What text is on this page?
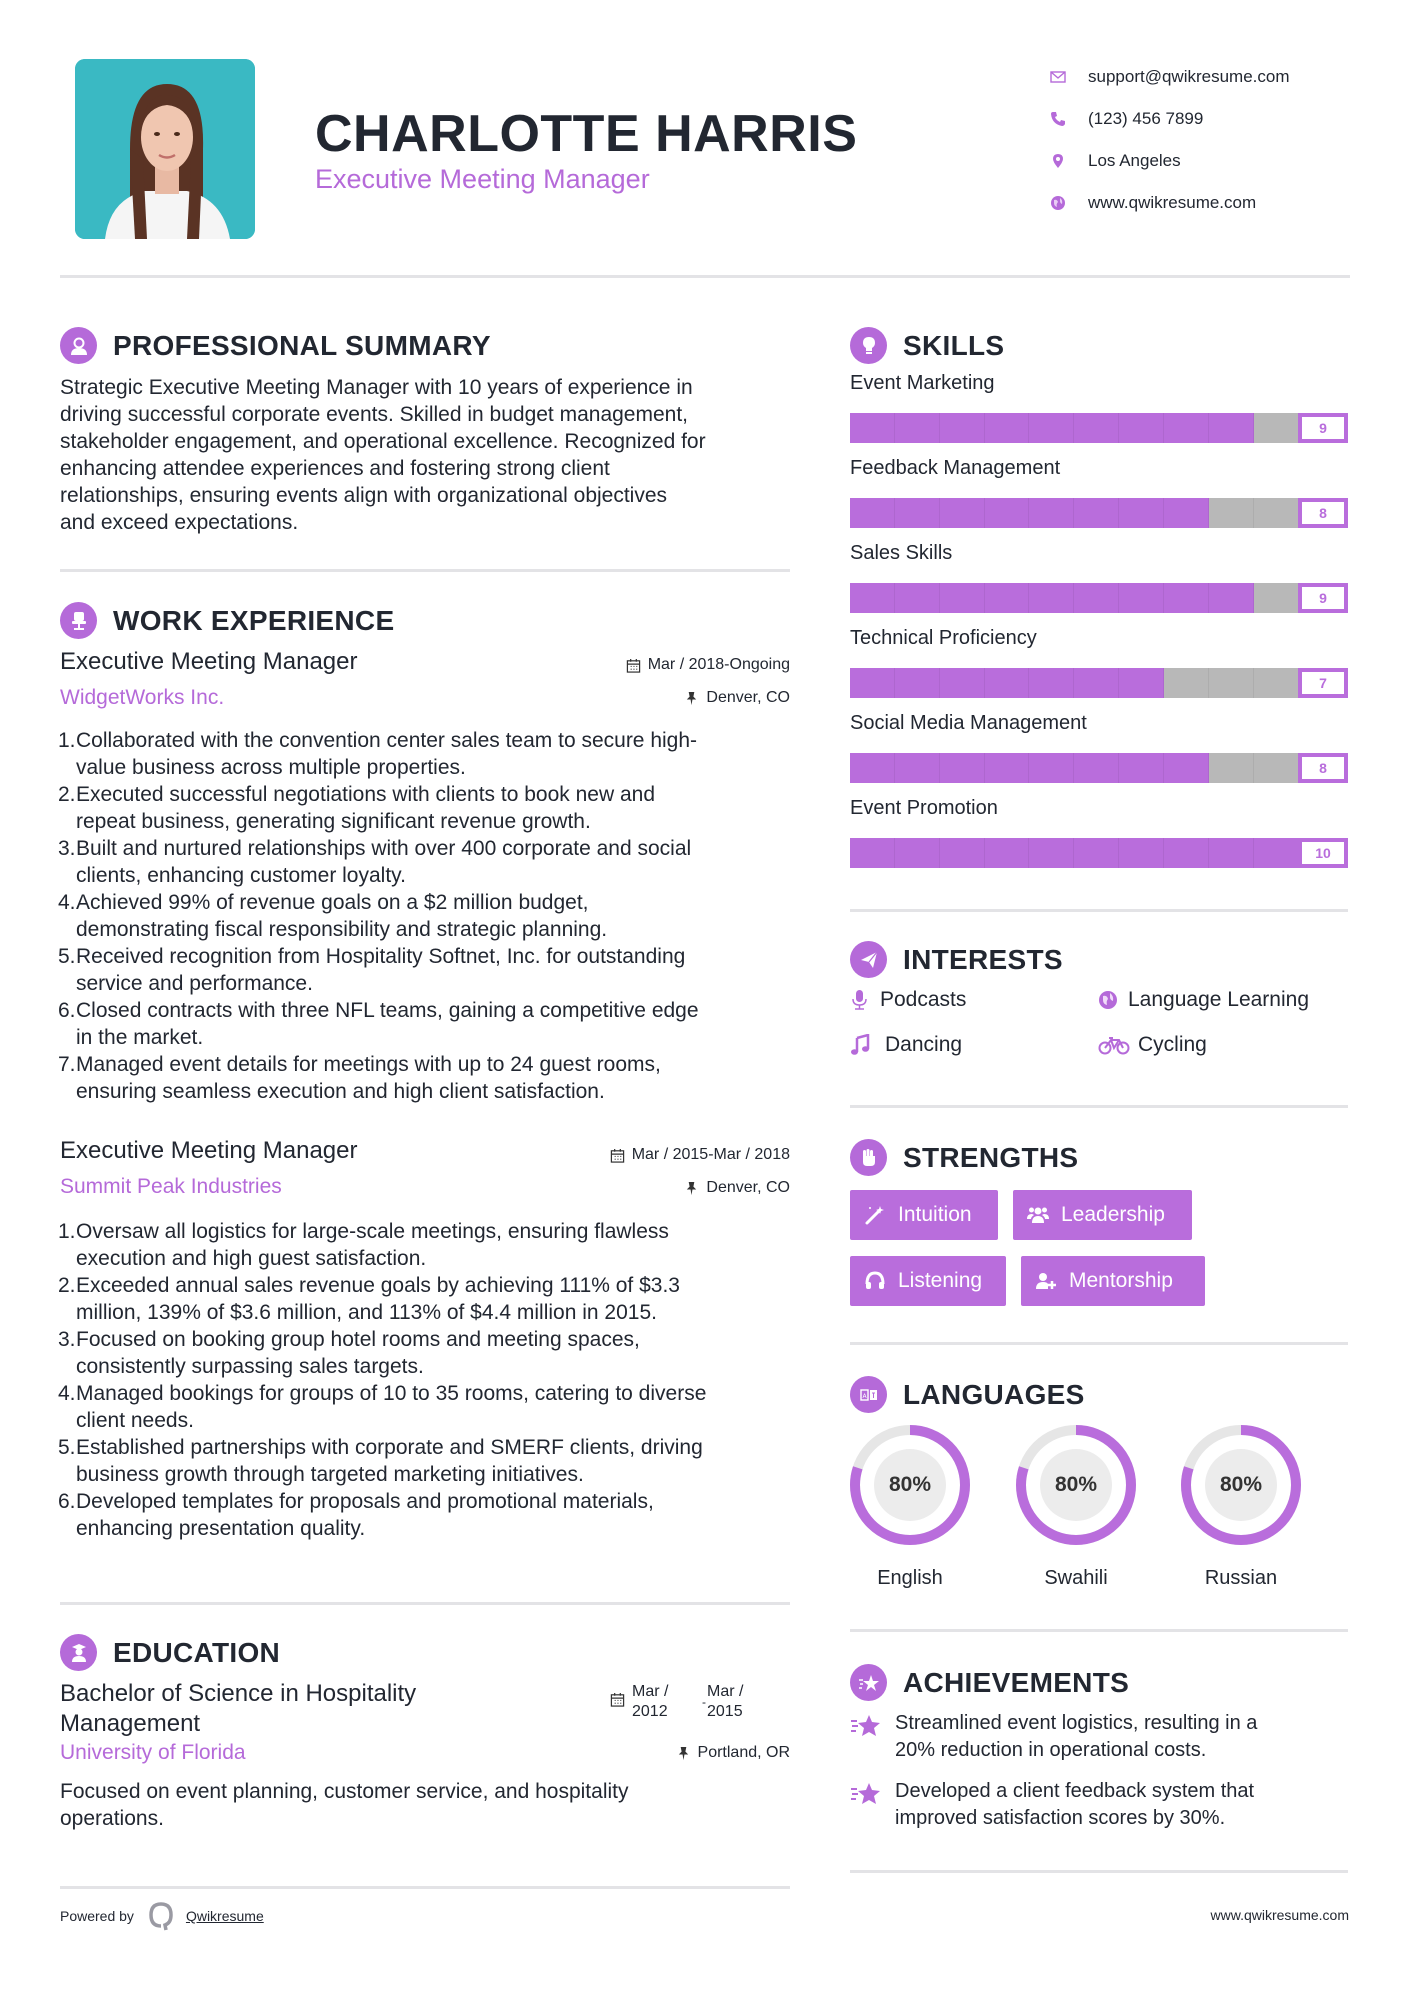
CHARLOTTE HARRIS
Executive Meeting Manager
support@qwikresume.com
(123) 456 7899
Los Angeles
www.qwikresume.com
PROFESSIONAL SUMMARY
Strategic Executive Meeting Manager with 10 years of experience in
driving successful corporate events. Skilled in budget management,
stakeholder engagement, and operational excellence. Recognized for
enhancing attendee experiences and fostering strong client
relationships, ensuring events align with organizational objectives
and exceed expectations.
WORK EXPERIENCE
Executive Meeting Manager	Mar / 2018-Ongoing
WidgetWorks Inc.	Denver, CO
1. Collaborated with the convention center sales team to secure high-
value business across multiple properties.
2. Executed successful negotiations with clients to book new and
repeat business, generating significant revenue growth.
3. Built and nurtured relationships with over 400 corporate and social
clients, enhancing customer loyalty.
4. Achieved 99% of revenue goals on a $2 million budget,
demonstrating fiscal responsibility and strategic planning.
5. Received recognition from Hospitality Softnet, Inc. for outstanding
service and performance.
6. Closed contracts with three NFL teams, gaining a competitive edge
in the market.
7. Managed event details for meetings with up to 24 guest rooms,
ensuring seamless execution and high client satisfaction.
Executive Meeting Manager	Mar / 2015-Mar / 2018
Summit Peak Industries	Denver, CO
1. Oversaw all logistics for large-scale meetings, ensuring flawless
execution and high guest satisfaction.
2. Exceeded annual sales revenue goals by achieving 111% of $3.3
million, 139% of $3.6 million, and 113% of $4.4 million in 2015.
3. Focused on booking group hotel rooms and meeting spaces,
consistently surpassing sales targets.
4. Managed bookings for groups of 10 to 35 rooms, catering to diverse
client needs.
5. Established partnerships with corporate and SMERF clients, driving
business growth through targeted marketing initiatives.
6. Developed templates for proposals and promotional materials,
enhancing presentation quality.
EDUCATION
Bachelor of Science in Hospitality
Management
Mar /
2012
-
Mar /
2015
University of Florida	Portland, OR
Focused on event planning, customer service, and hospitality
operations.
SKILLS
Event Marketing
9
Feedback Management
8
Sales Skills
9
Technical Proficiency
7
Social Media Management
8
Event Promotion
10
INTERESTS
Podcasts	Language Learning
Dancing	Cycling
STRENGTHS
Intuition	Leadership
Listening	Mentorship
A LANGUAGES
80%
English
80%
Swahili
80%
Russian
ACHIEVEMENTS
Streamlined event logistics, resulting in a
20% reduction in operational costs.
Developed a client feedback system that
improved satisfaction scores by 30%.
Powered by	Qwikresume	www.qwikresume.com
